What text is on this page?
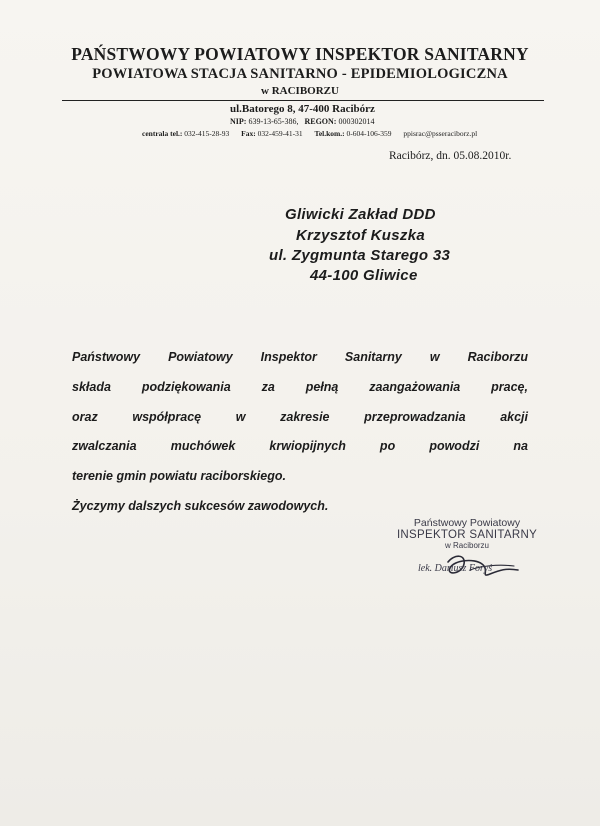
PAŃSTWOWY POWIATOWY INSPEKTOR SANITARNY
POWIATOWA STACJA SANITARNO - EPIDEMIOLOGICZNA
w RACIBORZU
ul.Batorego 8, 47-400 Racibórz
NIP: 639-13-65-386, REGON: 000302014
centrala tel.: 032-415-28-93 Fax: 032-459-41-31 Tel.kom.: 0-604-106-359 ppisrac@psseraciborz.pl
Racibórz, dn. 05.08.2010r.
Gliwicki Zakład DDD
Krzysztof Kuszka
ul. Zygmunta Starego 33
44-100 Gliwice
Państwowy Powiatowy Inspektor Sanitarny w Raciborzu
składa podziękowania za pełną zaangażowania pracę,
oraz współpracę w zakresie przeprowadzania akcji
zwalczania muchówek krwiopijnych po powodzi na
terenie gmin powiatu raciborskiego.
Życzymy dalszych sukcesów zawodowych.
Państwowy Powiatowy
INSPEKTOR SANITARNY
w Raciborzu
lek. Dariusz Foryś
